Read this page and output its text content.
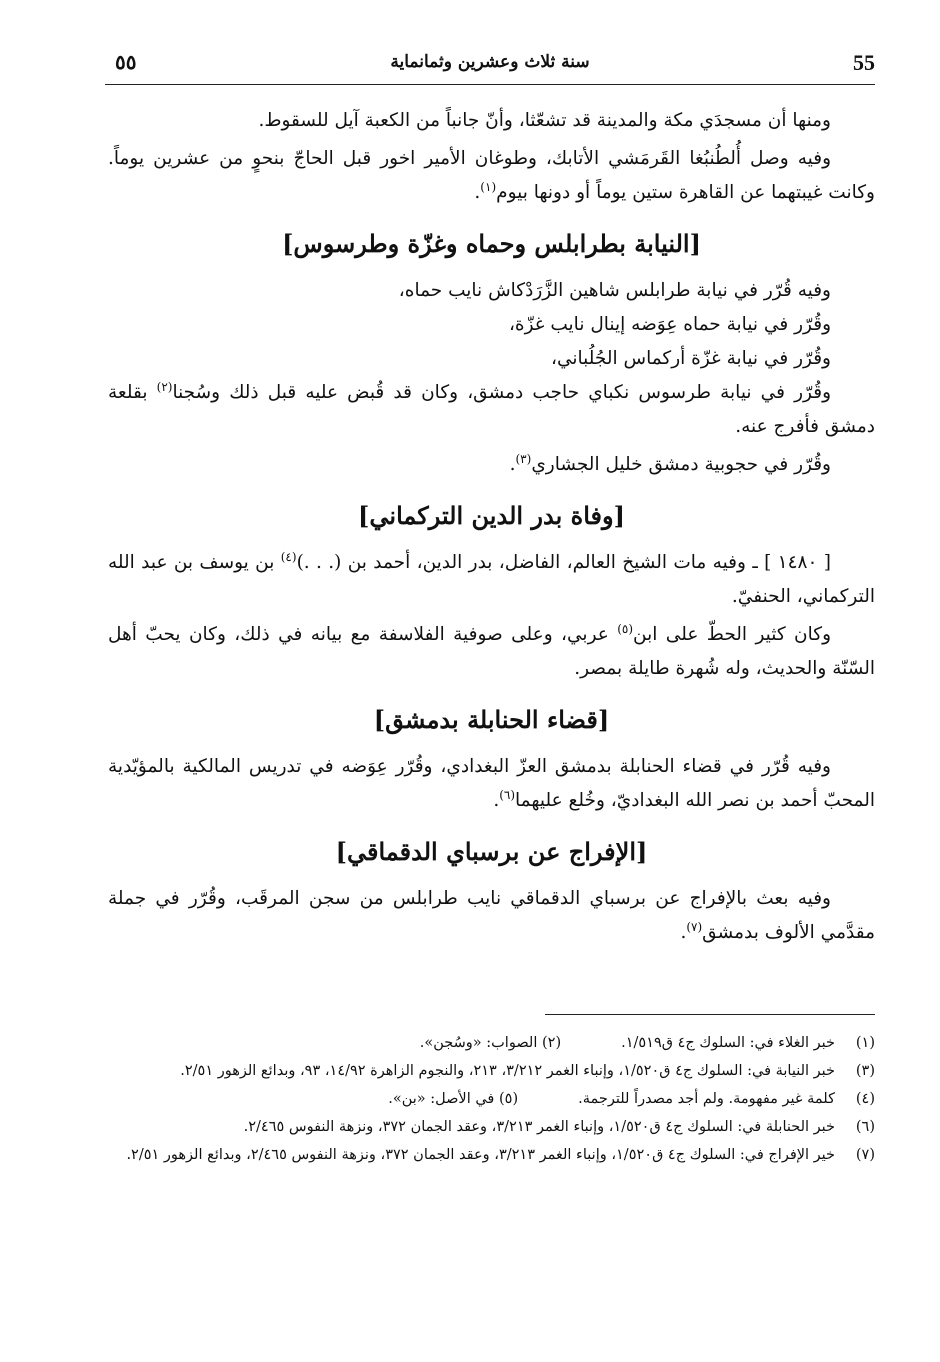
55
سنة ثلاث وعشرين وثمانماية
٥٥

ومنها أن مسجدَي مكة والمدينة قد تشعّثا، وأنّ جانباً من الكعبة آيل للسقوط.

وفيه وصل أُلطُنبُغا القَرمَشي الأتابك، وطوغان الأمير اخور قبل الحاجّ بنحوٍ من عشرين يوماً. وكانت غيبتهما عن القاهرة ستين يوماً أو دونها بيوم$^{(١)}$.

[النيابة بطرابلس وحماه وغزّة وطرسوس]

وفيه قُرّر في نيابة طرابلس شاهين الزَّرَدْكاش نايب حماه،

وقُرّر في نيابة حماه عِوَضه إينال نايب غزّة،

وقُرّر في نيابة غزّة أركماس الجُلُباني،

وقُرّر في نيابة طرسوس نكباي حاجب دمشق، وكان قد قُبض عليه قبل ذلك وسُجنا$^{(٢)}$ بقلعة دمشق فأفرج عنه.

وقُرّر في حجوبية دمشق خليل الجشاري$^{(٣)}$.

[وفاة بدر الدين التركماني]

[ ١٤٨٠ ] ـ وفيه مات الشيخ العالم، الفاضل، بدر الدين، أحمد بن (. . .)$^{(٤)}$ بن يوسف بن عبد الله التركماني، الحنفيّ.

وكان كثير الحطّ على ابن$^{(٥)}$ عربي، وعلى صوفية الفلاسفة مع بيانه في ذلك، وكان يحبّ أهل السّنّة والحديث، وله شُهرة طايلة بمصر.

[قضاء الحنابلة بدمشق]

وفيه قُرّر في قضاء الحنابلة بدمشق العزّ البغدادي، وقُرّر عِوَضه في تدريس المالكية بالمؤيّدية المحبّ أحمد بن نصر الله البغداديّ، وخُلع عليهما$^{(٦)}$.

[الإفراج عن برسباي الدقماقي]

وفيه بعث بالإفراج عن برسباي الدقماقي نايب طرابلس من سجن المرقَب، وقُرّر في جملة مقدَّمي الألوف بدمشق$^{(٧)}$.

(١)
خبر الغلاء في: السلوك ج٤ ق١/٥١٩.(٢) الصواب: «وسُجن».
(٣)
خبر النيابة في: السلوك ج٤ ق١/٥٢٠، وإنباء الغمر ٣/٢١٢، ٢١٣، والنجوم الزاهرة ١٤/٩٢، ٩٣، وبدائع الزهور ٢/٥١.
(٤)
كلمة غير مفهومة. ولم أجد مصدراً للترجمة.(٥) في الأصل: «بن».
(٦)
خبر الحنابلة في: السلوك ج٤ ق١/٥٢٠، وإنباء الغمر ٣/٢١٣، وعقد الجمان ٣٧٢، ونزهة النفوس ٢/٤٦٥.
(٧)
خير الإفراج في: السلوك ج٤ ق١/٥٢٠، وإنباء الغمر ٣/٢١٣، وعقد الجمان ٣٧٢، ونزهة النفوس ٢/٤٦٥، وبدائع الزهور ٢/٥١.
